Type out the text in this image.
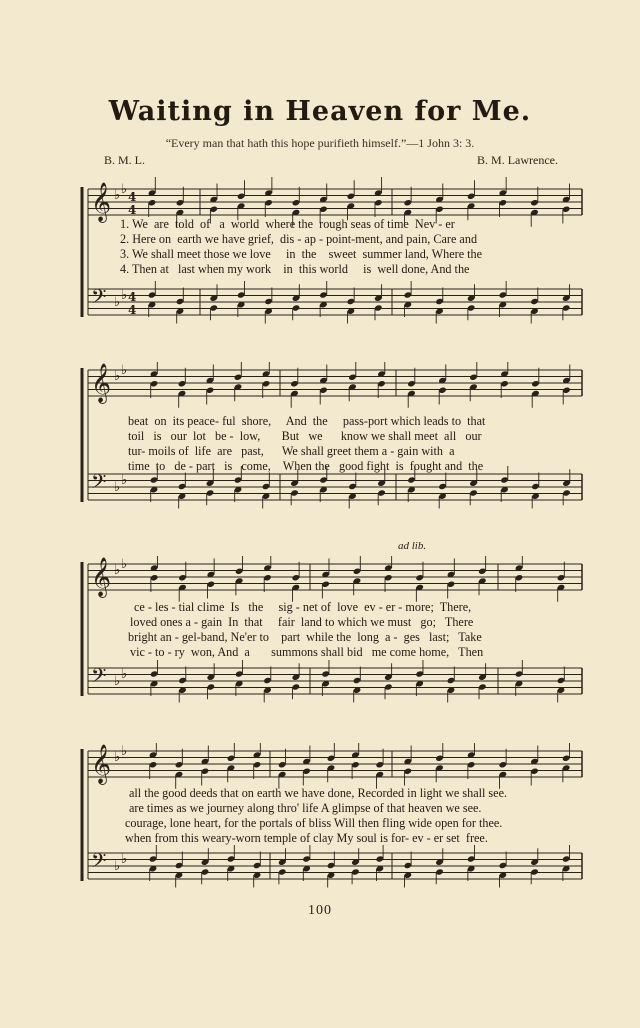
Waiting in Heaven for Me.
“Every man that hath this hope purifieth himself.”—1 John 3: 3.
B. M. L.	B. M. Lawrence.
ad lib.
𝄞
𝄢
♭ ♭
♭ ♭
4
4
4
4
𝄞
𝄢
♭ ♭
♭ ♭
𝄞
𝄢
♭ ♭
♭ ♭
𝄞
𝄢
♭ ♭
♭ ♭
1. We  are  told  of   a  world  where the  rough seas of time  Nev - er
2. Here on  earth we have grief,  dis - ap - point-ment, and pain, Care and
3. We shall meet those we love     in  the    sweet  summer land, Where the
4. Then at   last when my work    in  this world     is  well done, And the
beat  on  its peace- ful  shore,     And  the     pass-port which leads to  that
toil   is   our  lot   be -  low,       But   we      know we shall meet  all   our
tur- moils of  life  are   past,      We shall greet them a - gain with  a
time  to   de - part   is   come,    When the   good fight  is  fought and  the
ce - les - tial clime  Is   the     sig - net of  love  ev - er - more;  There,
loved ones a - gain  In  that     fair  land to which we must   go;   There
bright an - gel-band, Ne'er to    part  while the  long  a -  ges   last;   Take
vic - to - ry  won, And  a       summons shall bid   me come home,   Then
all the good deeds that on earth we have done, Recorded in light we shall see.
are times as we journey along thro' life A glimpse of that heaven we see.
courage, lone heart, for the portals of bliss Will then fling wide open for thee.
when from this weary-worn temple of clay My soul is for- ev - er set  free.
100
